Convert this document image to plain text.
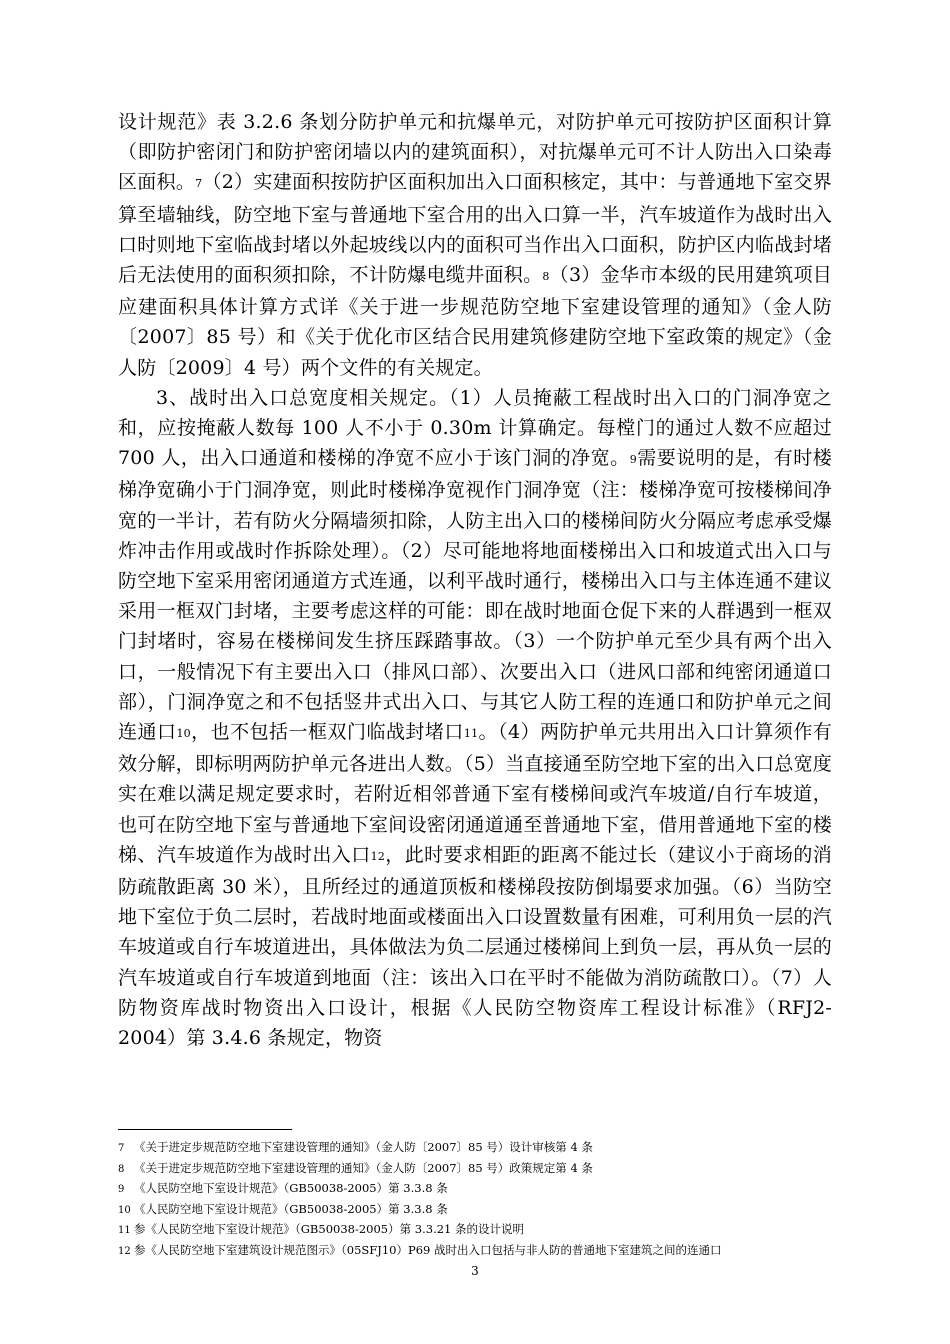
设计规范》表 3.2.6 条划分防护单元和抗爆单元，对防护单元可按防护区面积计算（即防护密闭门和防护密闭墙以内的建筑面积），对抗爆单元可不计人防出入口染毒区面积。7（2）实建面积按防护区面积加出入口面积核定，其中：与普通地下室交界算至墙轴线，防空地下室与普通地下室合用的出入口算一半，汽车坡道作为战时出入口时则地下室临战封堵以外起坡线以内的面积可当作出入口面积，防护区内临战封堵后无法使用的面积须扣除，不计防爆电缆井面积。8（3）金华市本级的民用建筑项目应建面积具体计算方式详《关于进一步规范防空地下室建设管理的通知》（金人防〔2007〕85 号）和《关于优化市区结合民用建筑修建防空地下室政策的规定》（金人防〔2009〕4 号）两个文件的有关规定。

3、战时出入口总宽度相关规定。（1）人员掩蔽工程战时出入口的门洞净宽之和，应按掩蔽人数每 100 人不小于 0.30m 计算确定。每樘门的通过人数不应超过 700 人，出入口通道和楼梯的净宽不应小于该门洞的净宽。9需要说明的是，有时楼梯净宽确小于门洞净宽，则此时楼梯净宽视作门洞净宽（注：楼梯净宽可按楼梯间净宽的一半计，若有防火分隔墙须扣除，人防主出入口的楼梯间防火分隔应考虑承受爆炸冲击作用或战时作拆除处理）。（2）尽可能地将地面楼梯出入口和坡道式出入口与防空地下室采用密闭通道方式连通，以利平战时通行，楼梯出入口与主体连通不建议采用一框双门封堵，主要考虑这样的可能：即在战时地面仓促下来的人群遇到一框双门封堵时，容易在楼梯间发生挤压踩踏事故。（3）一个防护单元至少具有两个出入口，一般情况下有主要出入口（排风口部）、次要出入口（进风口部和纯密闭通道口部），门洞净宽之和不包括竖井式出入口、与其它人防工程的连通口和防护单元之间连通口10，也不包括一框双门临战封堵口11。（4）两防护单元共用出入口计算须作有效分解，即标明两防护单元各进出人数。（5）当直接通至防空地下室的出入口总宽度实在难以满足规定要求时，若附近相邻普通下室有楼梯间或汽车坡道/自行车坡道，也可在防空地下室与普通地下室间设密闭通道通至普通地下室，借用普通地下室的楼梯、汽车坡道作为战时出入口12，此时要求相距的距离不能过长（建议小于商场的消防疏散距离 30 米），且所经过的通道顶板和楼梯段按防倒塌要求加强。（6）当防空地下室位于负二层时，若战时地面或楼面出入口设置数量有困难，可利用负一层的汽车坡道或自行车坡道进出，具体做法为负二层通过楼梯间上到负一层，再从负一层的汽车坡道或自行车坡道到地面（注：该出入口在平时不能做为消防疏散口）。（7）人防物资库战时物资出入口设计，根据《人民防空物资库工程设计标准》（RFJ2-2004）第 3.4.6 条规定，物资

7 《关于进定步规范防空地下室建设管理的通知》（金人防〔2007〕85 号）设计审核第 4 条
8 《关于进定步规范防空地下室建设管理的通知》（金人防〔2007〕85 号）政策规定第 4 条
9 《人民防空地下室设计规范》（GB50038-2005）第 3.3.8 条
10 《人民防空地下室设计规范》（GB50038-2005）第 3.3.8 条
11 参《人民防空地下室设计规范》（GB50038-2005）第 3.3.21 条的设计说明
12 参《人民防空地下室建筑设计规范图示》（05SFJ10）P69 战时出入口包括与非人防的普通地下室建筑之间的连通口
3
